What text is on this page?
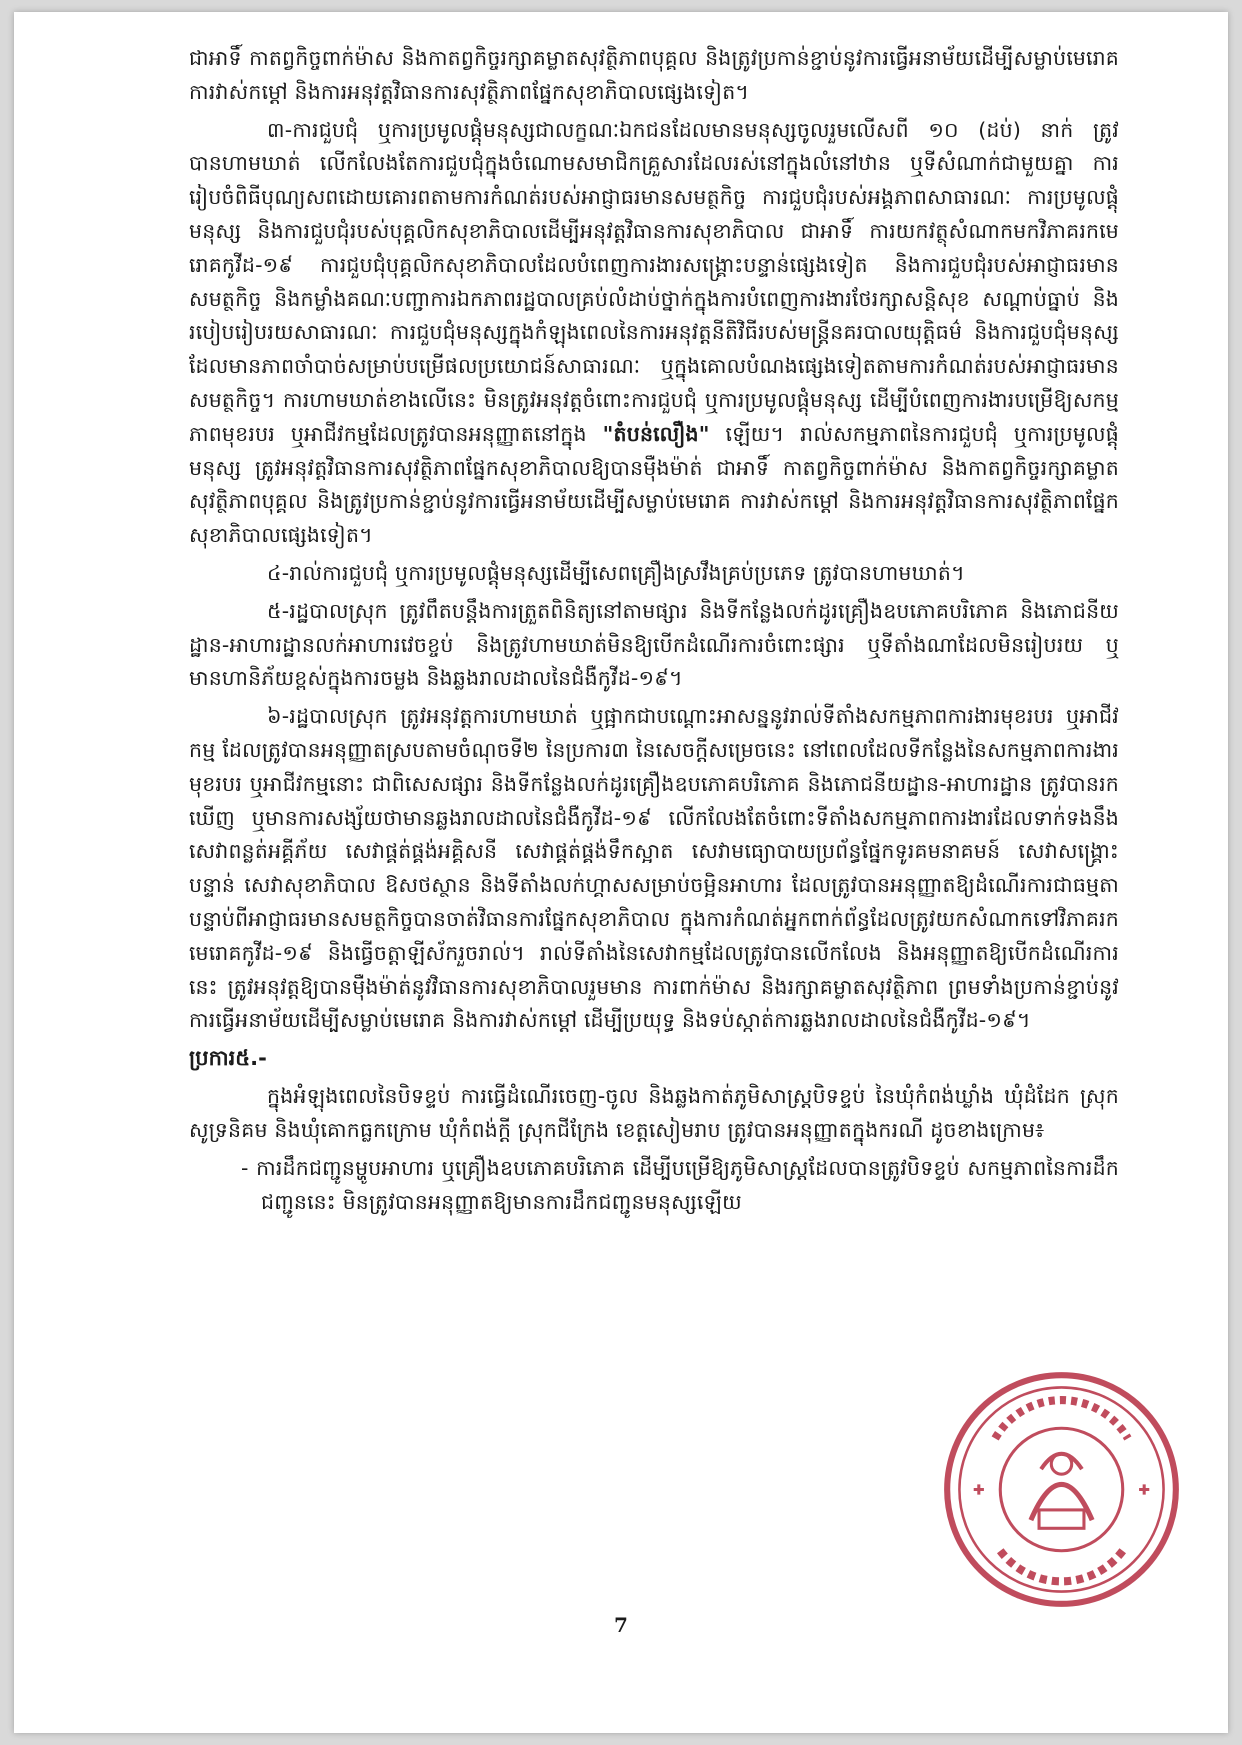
ជាអាទិ៍ កាតព្វកិច្ចពាក់ម៉ាស និងកាតព្វកិច្ចរក្សាគម្លាតសុវត្ថិភាពបុគ្គល និងត្រូវប្រកាន់ខ្ជាប់នូវការធ្វើអនាម័យដើម្បីសម្លាប់មេរោគ ការវាស់កម្ដៅ និងការអនុវត្តវិធានការសុវត្ថិភាពផ្នែកសុខាភិបាលផ្សេងទៀត។

៣-ការជួបជុំ ឬការប្រមូលផ្ដុំមនុស្សជាលក្ខណៈឯកជនដែលមានមនុស្សចូលរួមលើសពី ១០ (ដប់) នាក់ ត្រូវបានហាមឃាត់ លើកលែងតែការជួបជុំក្នុងចំណោមសមាជិកគ្រួសារដែលរស់នៅក្នុងលំនៅឋាន ឬទីសំណាក់ជាមួយគ្នា ការរៀបចំពិធីបុណ្យសពដោយគោរពតាមការកំណត់របស់អាជ្ញាធរមានសមត្ថកិច្ច ការជួបជុំរបស់អង្គភាពសាធារណៈ ការប្រមូលផ្ដុំមនុស្ស និងការជួបជុំរបស់បុគ្គលិកសុខាភិបាលដើម្បីអនុវត្តវិធានការសុខាភិបាល ជាអាទិ៍ ការយកវត្ថុសំណាកមកវិភាគរកមេរោគកូវីដ-១៩ ការជួបជុំបុគ្គលិកសុខាភិបាលដែលបំពេញការងារសង្គ្រោះបន្ទាន់ផ្សេងទៀត និងការជួបជុំរបស់អាជ្ញាធរមានសមត្ថកិច្ច និងកម្លាំងគណៈបញ្ជាការឯកភាពរដ្ឋបាលគ្រប់លំដាប់ថ្នាក់ក្នុងការបំពេញការងារថែរក្សាសន្តិសុខ សណ្ដាប់ធ្នាប់ និងរបៀបរៀបរយសាធារណៈ ការជួបជុំមនុស្សក្នុងកំឡុងពេលនៃការអនុវត្តនីតិវិធីរបស់មន្ត្រីនគរបាលយុត្តិធម៌ និងការជួបជុំមនុស្សដែលមានភាពចាំបាច់សម្រាប់បម្រើផលប្រយោជន៍សាធារណៈ ឬក្នុងគោលបំណងផ្សេងទៀតតាមការកំណត់របស់អាជ្ញាធរមានសមត្ថកិច្ច។ ការហាមឃាត់ខាងលើនេះ មិនត្រូវអនុវត្តចំពោះការជួបជុំ ឬការប្រមូលផ្ដុំមនុស្ស ដើម្បីបំពេញការងារបម្រើឱ្យសកម្មភាពមុខរបរ ឬអាជីវកម្មដែលត្រូវបានអនុញ្ញាតនៅក្នុង "តំបន់លឿង" ឡើយ។ រាល់សកម្មភាពនៃការជួបជុំ ឬការប្រមូលផ្ដុំមនុស្ស ត្រូវអនុវត្តវិធានការសុវត្ថិភាពផ្នែកសុខាភិបាលឱ្យបានម៉ឺងម៉ាត់ ជាអាទិ៍ កាតព្វកិច្ចពាក់ម៉ាស និងកាតព្វកិច្ចរក្សាគម្លាតសុវត្ថិភាពបុគ្គល និងត្រូវប្រកាន់ខ្ជាប់នូវការធ្វើអនាម័យដើម្បីសម្លាប់មេរោគ ការវាស់កម្ដៅ និងការអនុវត្តវិធានការសុវត្ថិភាពផ្នែកសុខាភិបាលផ្សេងទៀត។

៤-រាល់ការជួបជុំ ឬការប្រមូលផ្ដុំមនុស្សដើម្បីសេពគ្រឿងស្រវឹងគ្រប់ប្រភេទ ត្រូវបានហាមឃាត់។

៥-រដ្ឋបាលស្រុក ត្រូវពឹតបន្តឹងការត្រួតពិនិត្យនៅតាមផ្សារ និងទីកន្លែងលក់ដូរគ្រឿងឧបភោគបរិភោគ និងភោជនីយដ្ឋាន-អាហារដ្ឋានលក់អាហារវេចខ្ចប់ និងត្រូវហាមឃាត់មិនឱ្យបើកដំណើរការចំពោះផ្សារ ឬទីតាំងណាដែលមិនរៀបរយ ឬមានហានិភ័យខ្ពស់ក្នុងការចម្លង និងឆ្លងរាលដាលនៃជំងឺកូវីដ-១៩។

៦-រដ្ឋបាលស្រុក ត្រូវអនុវត្តការហាមឃាត់ ឬផ្អាកជាបណ្ដោះអាសន្ននូវរាល់ទីតាំងសកម្មភាពការងារមុខរបរ ឬអាជីវកម្ម ដែលត្រូវបានអនុញ្ញាតស្របតាមចំណុចទី២ នៃប្រការ៣ នៃសេចក្ដីសម្រេចនេះ នៅពេលដែលទីកន្លែងនៃសកម្មភាពការងារ មុខរបរ ឬអាជីវកម្មនោះ ជាពិសេសផ្សារ និងទីកន្លែងលក់ដូរគ្រឿងឧបភោគបរិភោគ និងភោជនីយដ្ឋាន-អាហារដ្ឋាន ត្រូវបានរកឃើញ ឬមានការសង្ស័យថាមានឆ្លងរាលដាលនៃជំងឺកូវីដ-១៩ លើកលែងតែចំពោះទីតាំងសកម្មភាពការងារដែលទាក់ទងនឹងសេវាពន្លត់អគ្គីភ័យ សេវាផ្គត់ផ្គង់អគ្គិសនី សេវាផ្គត់ផ្គង់ទឹកស្អាត សេវាមធ្យោបាយប្រព័ន្ធផ្នែកទូរគមនាគមន៍ សេវាសង្គ្រោះបន្ទាន់ សេវាសុខាភិបាល ឱសថស្ថាន និងទីតាំងលក់ហ្គាសសម្រាប់ចម្អិនអាហារ ដែលត្រូវបានអនុញ្ញាតឱ្យដំណើរការជាធម្មតា បន្ទាប់ពីអាជ្ញាធរមានសមត្ថកិច្ចបានចាត់វិធានការផ្នែកសុខាភិបាល ក្នុងការកំណត់អ្នកពាក់ព័ន្ធដែលត្រូវយកសំណាកទៅវិភាគរកមេរោគកូវីដ-១៩ និងធ្វើចត្តាឡីស័ករួចរាល់។ រាល់ទីតាំងនៃសេវាកម្មដែលត្រូវបានលើកលែង និងអនុញ្ញាតឱ្យបើកដំណើរការនេះ ត្រូវអនុវត្តឱ្យបានម៉ឺងម៉ាត់នូវវិធានការសុខាភិបាលរួមមាន ការពាក់ម៉ាស និងរក្សាគម្លាតសុវត្ថិភាព ព្រមទាំងប្រកាន់ខ្ជាប់នូវការធ្វើអនាម័យដើម្បីសម្លាប់មេរោគ និងការវាស់កម្ដៅ ដើម្បីប្រយុទ្ធ និងទប់ស្កាត់ការឆ្លងរាលដាលនៃជំងឺកូវីដ-១៩។

ប្រការ៥.-

ក្នុងអំឡុងពេលនៃបិទខ្ទប់ ការធ្វើដំណើរចេញ-ចូល និងឆ្លងកាត់ភូមិសាស្ត្របិទខ្ទប់ នៃឃុំកំពង់ឃ្លាំង ឃុំដំដែក ស្រុកសូទ្រនិគម និងឃុំគោកធ្លកក្រោម ឃុំកំពង់ក្ដី ស្រុកជីក្រែង ខេត្តសៀមរាប ត្រូវបានអនុញ្ញាតក្នុងករណី ដូចខាងក្រោម៖

- ការដឹកជញ្ជូនម្ហូបអាហារ ឬគ្រឿងឧបភោគបរិភោគ ដើម្បីបម្រើឱ្យភូមិសាស្ត្រដែលបានត្រូវបិទខ្ទប់ សកម្មភាពនៃការដឹកជញ្ជូននេះ មិនត្រូវបានអនុញ្ញាតឱ្យមានការដឹកជញ្ជូនមនុស្សឡើយ

7
